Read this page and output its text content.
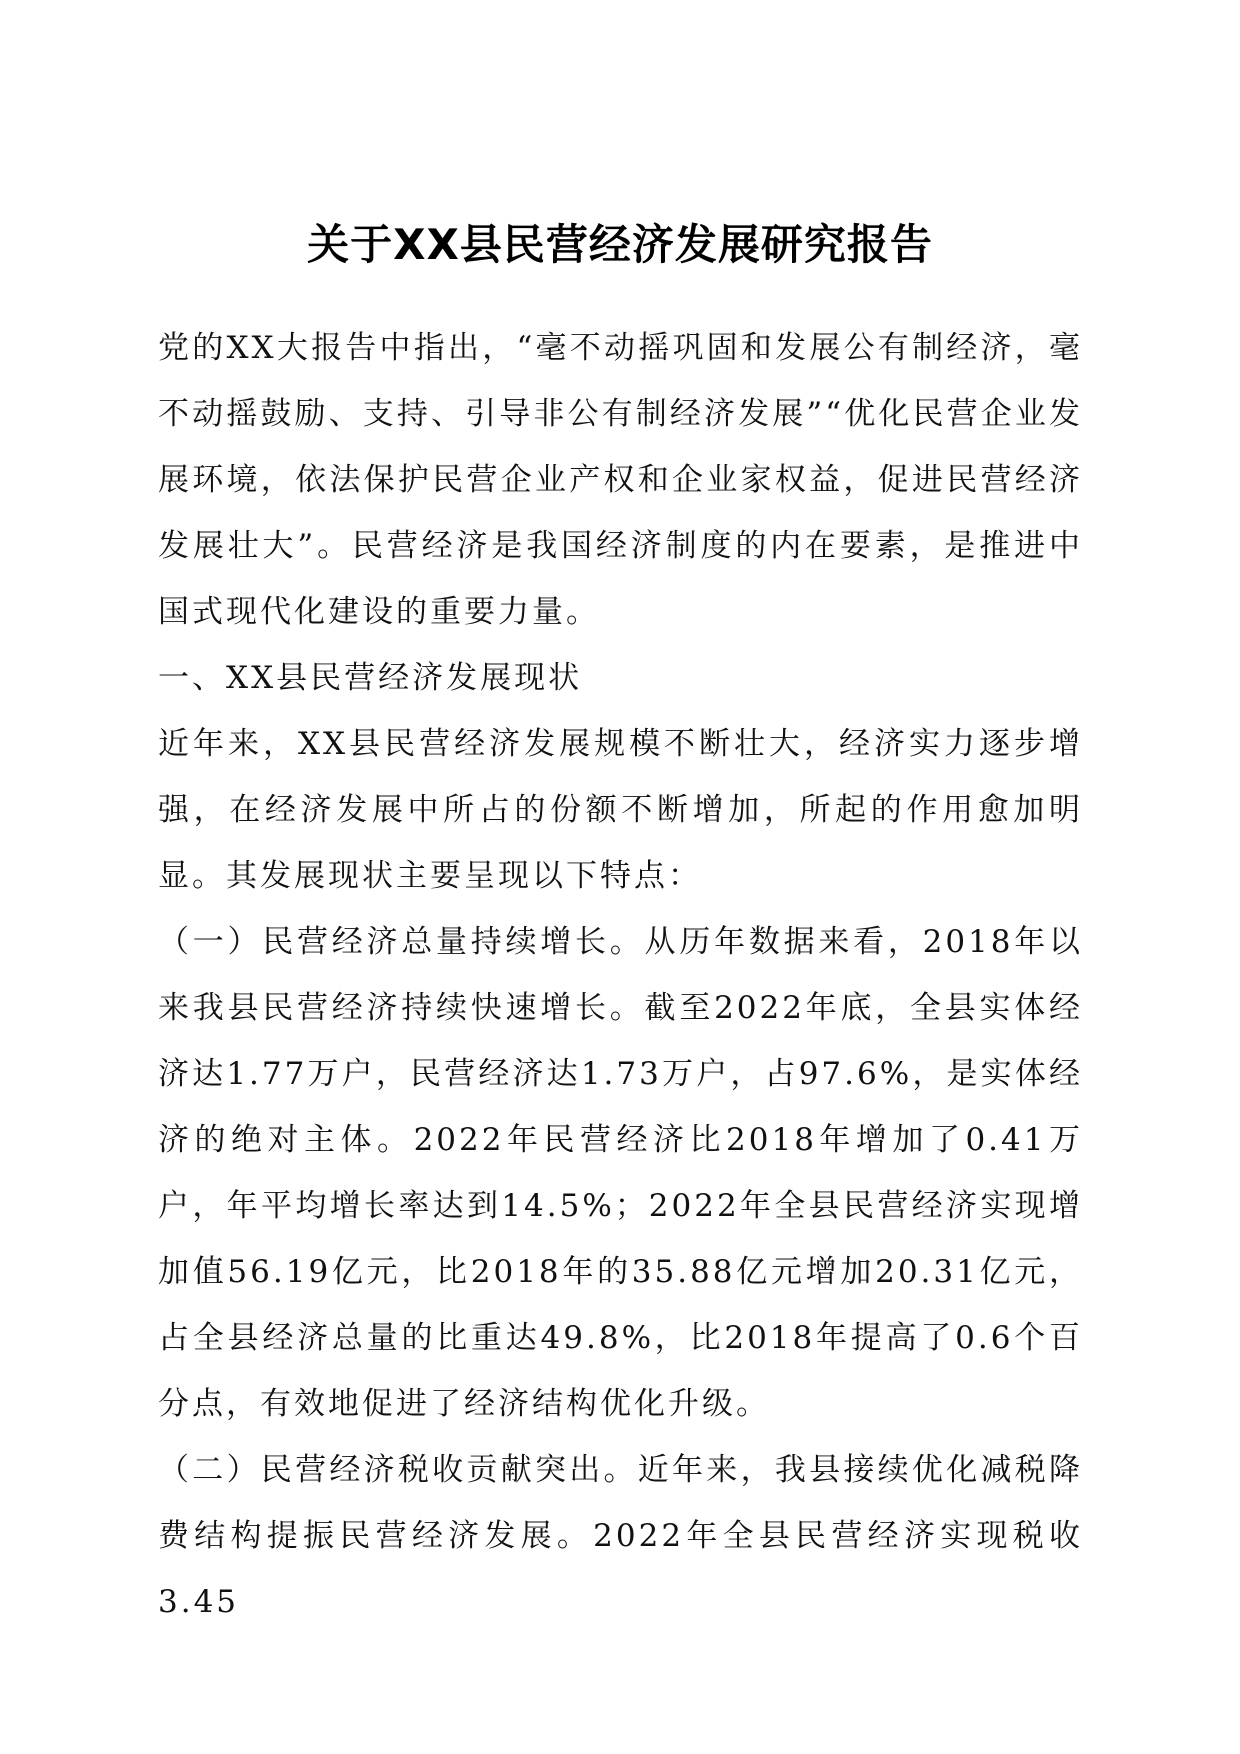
关于XX县民营经济发展研究报告

党的XX大报告中指出，“毫不动摇巩固和发展公有制经济，毫不动摇鼓励、支持、引导非公有制经济发展”“优化民营企业发展环境，依法保护民营企业产权和企业家权益，促进民营经济发展壮大”。民营经济是我国经济制度的内在要素，是推进中国式现代化建设的重要力量。

一、XX县民营经济发展现状

近年来，XX县民营经济发展规模不断壮大，经济实力逐步增强，在经济发展中所占的份额不断增加，所起的作用愈加明显。其发展现状主要呈现以下特点：

（一）民营经济总量持续增长。从历年数据来看，2018年以来我县民营经济持续快速增长。截至2022年底，全县实体经济达1.77万户，民营经济达1.73万户，占97.6%，是实体经济的绝对主体。2022年民营经济比2018年增加了0.41万户，年平均增长率达到14.5%；2022年全县民营经济实现增加值56.19亿元，比2018年的35.88亿元增加20.31亿元，占全县经济总量的比重达49.8%，比2018年提高了0.6个百分点，有效地促进了经济结构优化升级。

（二）民营经济税收贡献突出。近年来，我县接续优化减税降费结构提振民营经济发展。2022年全县民营经济实现税收3.45
